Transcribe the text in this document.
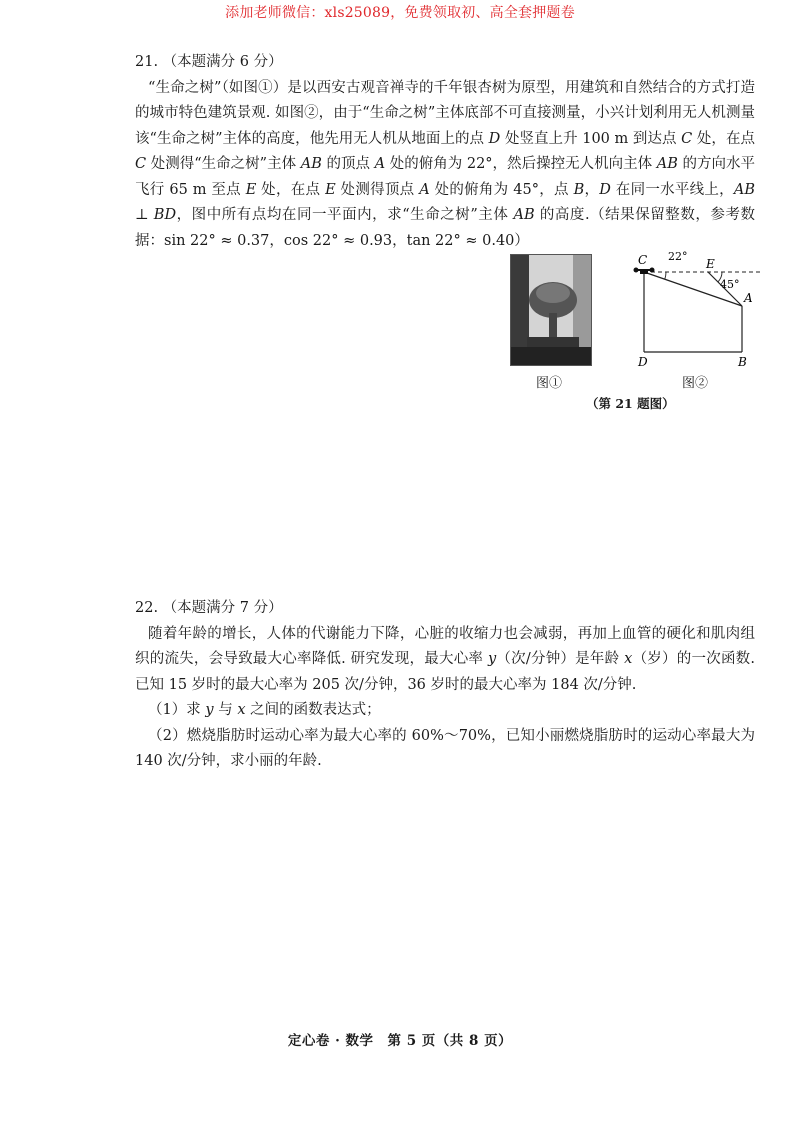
添加老师微信：xls25089，免费领取初、高全套押题卷

21. （本题满分 6 分）

“生命之树”（如图①）是以西安古观音禅寺的千年银杏树为原型，用建筑和自然结合的方式打造的城市特色建筑景观. 如图②，由于“生命之树”主体底部不可直接测量，小兴计划利用无人机测量该“生命之树”主体的高度，他先用无人机从地面上的点 D 处竖直上升 100 m 到达点 C 处，在点 C 处测得“生命之树”主体 AB 的顶点 A 处的俯角为 22°，然后操控无人机向主体 AB 的方向水平飞行 65 m 至点 E 处，在点 E 处测得顶点 A 处的俯角为 45°，点 B，D 在同一水平线上，AB ⊥ BD，图中所有点均在同一平面内，求“生命之树”主体 AB 的高度.（结果保留整数，参考数据：sin 22° ≈ 0.37，cos 22° ≈ 0.93，tan 22° ≈ 0.40）

C	E
A
D	B
22°
45°
图①	图②
（第 21 题图）

22. （本题满分 7 分）

随着年龄的增长，人体的代谢能力下降，心脏的收缩力也会减弱，再加上血管的硬化和肌肉组织的流失，会导致最大心率降低. 研究发现，最大心率 y（次/分钟）是年龄 x（岁）的一次函数. 已知 15 岁时的最大心率为 205 次/分钟，36 岁时的最大心率为 184 次/分钟.

（1）求 y 与 x 之间的函数表达式；

（2）燃烧脂肪时运动心率为最大心率的 60%～70%，已知小丽燃烧脂肪时的运动心率最大为 140 次/分钟，求小丽的年龄.

定心卷 · 数学　第 5 页（共 8 页）
